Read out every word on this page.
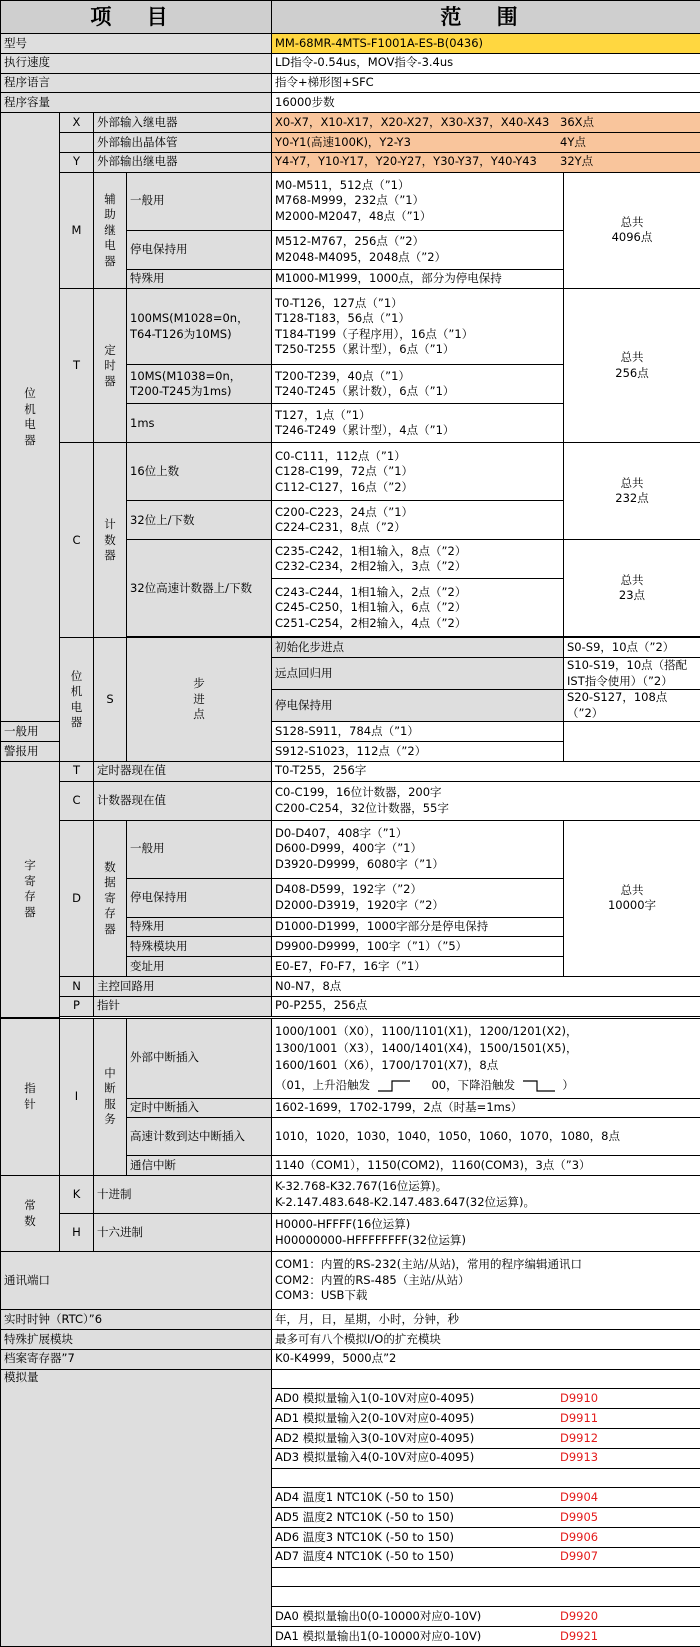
项 目				范 围		
型号				MM-68MR-4MTS-F1001A-ES-B(0436)		
执行速度				LD指令-0.54us，MOV指令-3.4us		
程序语言				指令+梯形图+SFC		
程序容量				16000步数		
位机电器	X	外部输入继电器		X0-X7，X10-X17，X20-X27，X30-X37，X40-X43 36X点		

		外部输出晶体管		Y0-Y1(高速100K)，Y2-Y3 4Y点		

	Y	外部输出继电器		Y4-Y7，Y10-Y17，Y20-Y27，Y30-Y37，Y40-Y43 32Y点		

	M	辅助继电器	一般用	M0-M511，512点（”1）
M768-M999，232点（”1）
M2000-M2047，48点（”1）	总共
4096点	
			停电保持用	M512-M767，256点（”2）
M2048-M4095，2048点（”2）		
			特殊用	M1000-M1999，1000点，部分为停电保持		
	T	定时器	100MS(M1028=0n， T64-T126为10MS)	T0-T126，127点（”1）
T128-T183，56点（”1）
T184-T199（子程序用），16点（”1）
T250-T255（累计型），6点（”1）	总共
256点	
			10MS(M1038=0n， T200-T245为1ms)	T200-T239，40点（”1）
T240-T245（累计数），6点（”1）		
			1ms	T127，1点（”1）
T246-T249（累计型），4点（”1）		
	C	计数器	16位上数	C0-C111，112点（”1）
C128-C199，72点（”1）
C112-C127，16点（”2）	总共
232点	
			32位上/下数	C200-C223，24点（”1）
C224-C231，8点（”2）		
			32位高速计数器上/下数	C235-C242，1相1输入，8点（”2）
C232-C234，2相2输入，3点（”2）	总共
23点	
				C243-C244，1相1输入，2点（”2）
C245-C250，1相1输入，6点（”2）
C251-C254，2相2输入，4点（”2）		

	位机电器	S	步进点	初始化步进点	S0-S9，10点（”2）	
				远点回归用	S10-S19，10点（搭配IST指令使用）（”2）	
				停电保持用	S20-S127，108点（”2）	
一般用				S128-S911，784点（”1）		
警报用				S912-S1023，112点（”2）		
字寄存器	T	定时器现在值		T0-T255，256字		
	C	计数器现在值		C0-C199，16位计数器，200字
C200-C254，32位计数器，55字		
	D	数据寄存器	一般用	D0-D407，408字（”1）
D600-D999，400字（”1）
D3920-D9999，6080字（”1）	总共
10000字	
			停电保持用	D408-D599，192字（”2）
D2000-D3919，1920字（”2）		
			特殊用	D1000-D1999，1000字部分是停电保持		
			特殊模块用	D9900-D9999，100字（”1）（”5）		
			变址用	E0-E7，F0-F7，16字（”1）		
	N	主控回路用		N0-N7，8点		
	P	指针		P0-P255，256点		

指针	I	中断服务	外部中断插入	1000/1001（X0），1100/1101(X1)，1200/1201(X2)，
1300/1001（X3），1400/1401(X4)，1500/1501(X5)，
1600/1601（X6），1700/1701(X7)，8点
（01，上升沿触发 00，下降沿触发 ）		

			定时中断插入	1602-1699，1702-1799，2点（时基=1ms）		
			高速计数到达中断插入	1010，1020，1030，1040，1050，1060，1070，1080，8点		
			通信中断	1140（COM1），1150(COM2)，1160(COM3)，3点（”3）		
常数	K	十进制		K-32.768-K32.767(16位运算)。
K-2.147.483.648-K2.147.483.647(32位运算)。		
	H	十六进制		H0000-HFFFF(16位运算)
H00000000-HFFFFFFFF(32位运算)		
通讯端口				COM1：内置的RS-232(主站/从站)，常用的程序编辑通讯口
COM2：内置的RS-485（主站/从站）
COM3：USB下载		
实时时钟（RTC）”6				年，月，日，星期，小时，分钟，秒		
特殊扩展模块				最多可有八个模拟I/O的扩充模块		
档案寄存器”7				K0-K4999，5000点”2		
模拟量						

				AD0 模拟量输入1(0-10V对应0-4095) D9910		

				AD1 模拟量输入2(0-10V对应0-4095) D9911		

				AD2 模拟量输入3(0-10V对应0-4095) D9912		

				AD3 模拟量输入4(0-10V对应0-4095) D9913		

				AD4 温度1 NTC10K (-50 to 150) D9904		

				AD5 温度2 NTC10K (-50 to 150) D9905		

				AD6 温度3 NTC10K (-50 to 150) D9906		

				AD7 温度4 NTC10K (-50 to 150) D9907		

				DA0 模拟量输出0(0-10000对应0-10V) D9920		

				DA1 模拟量输出1(0-10000对应0-10V) D9921		
